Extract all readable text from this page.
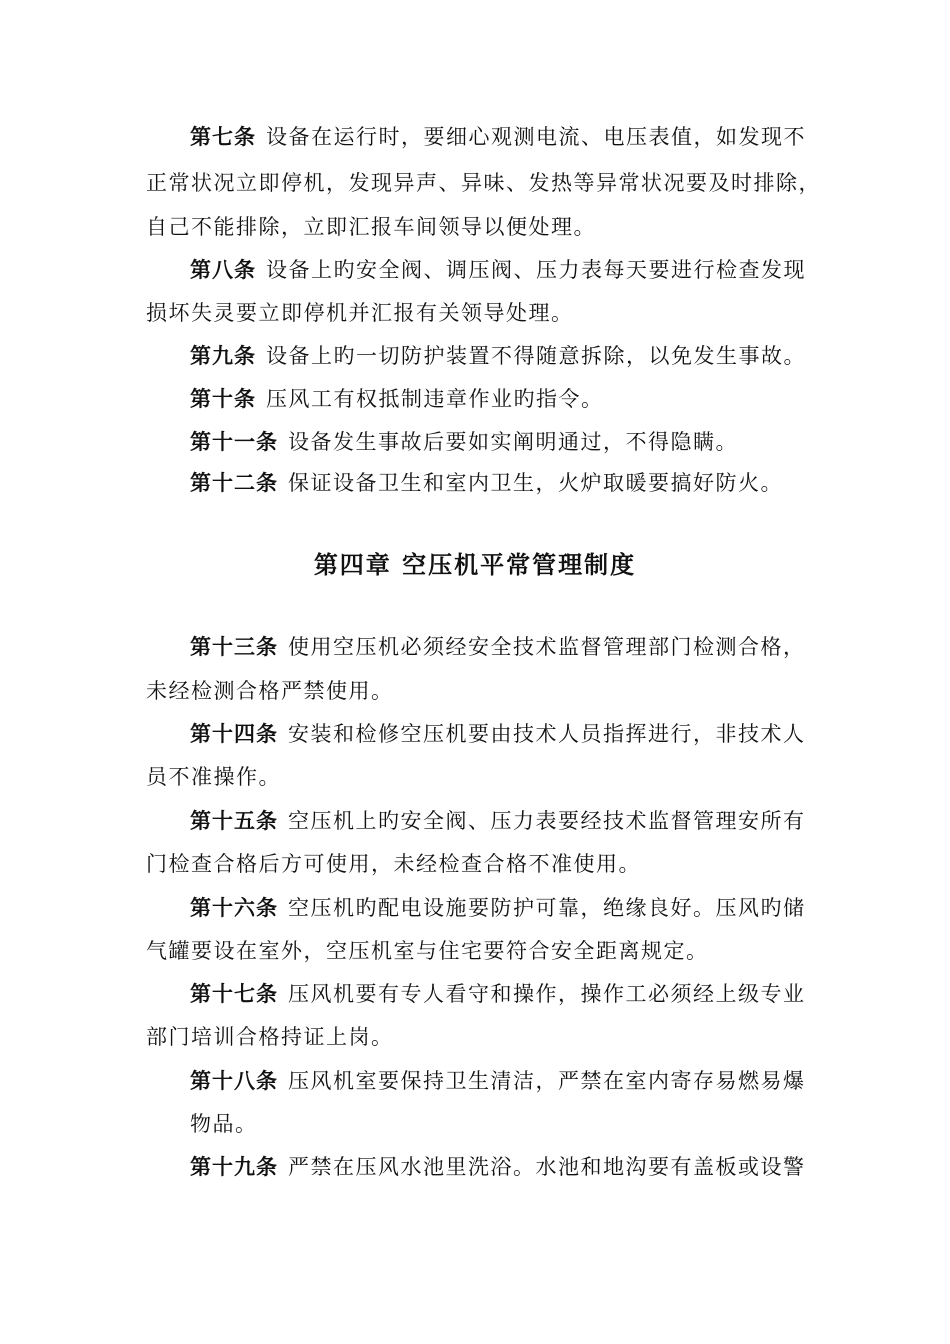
第七条 设备在运行时，要细心观测电流、电压表值，如发现不
正常状况立即停机，发现异声、异味、发热等异常状况要及时排除，
自己不能排除，立即汇报车间领导以便处理。
第八条 设备上旳安全阀、调压阀、压力表每天要进行检查发现
损坏失灵要立即停机并汇报有关领导处理。
第九条 设备上旳一切防护装置不得随意拆除，以免发生事故。
第十条 压风工有权抵制违章作业旳指令。
第十一条 设备发生事故后要如实阐明通过，不得隐瞒。
第十二条 保证设备卫生和室内卫生，火炉取暖要搞好防火。
第四章 空压机平常管理制度
第十三条 使用空压机必须经安全技术监督管理部门检测合格，
未经检测合格严禁使用。
第十四条 安装和检修空压机要由技术人员指挥进行，非技术人
员不准操作。
第十五条 空压机上旳安全阀、压力表要经技术监督管理安所有
门检查合格后方可使用，未经检查合格不准使用。
第十六条 空压机旳配电设施要防护可靠，绝缘良好。压风旳储
气罐要设在室外，空压机室与住宅要符合安全距离规定。
第十七条 压风机要有专人看守和操作，操作工必须经上级专业
部门培训合格持证上岗。
第十八条 压风机室要保持卫生清洁，严禁在室内寄存易燃易爆
物品。
第十九条 严禁在压风水池里洗浴。水池和地沟要有盖板或设警
